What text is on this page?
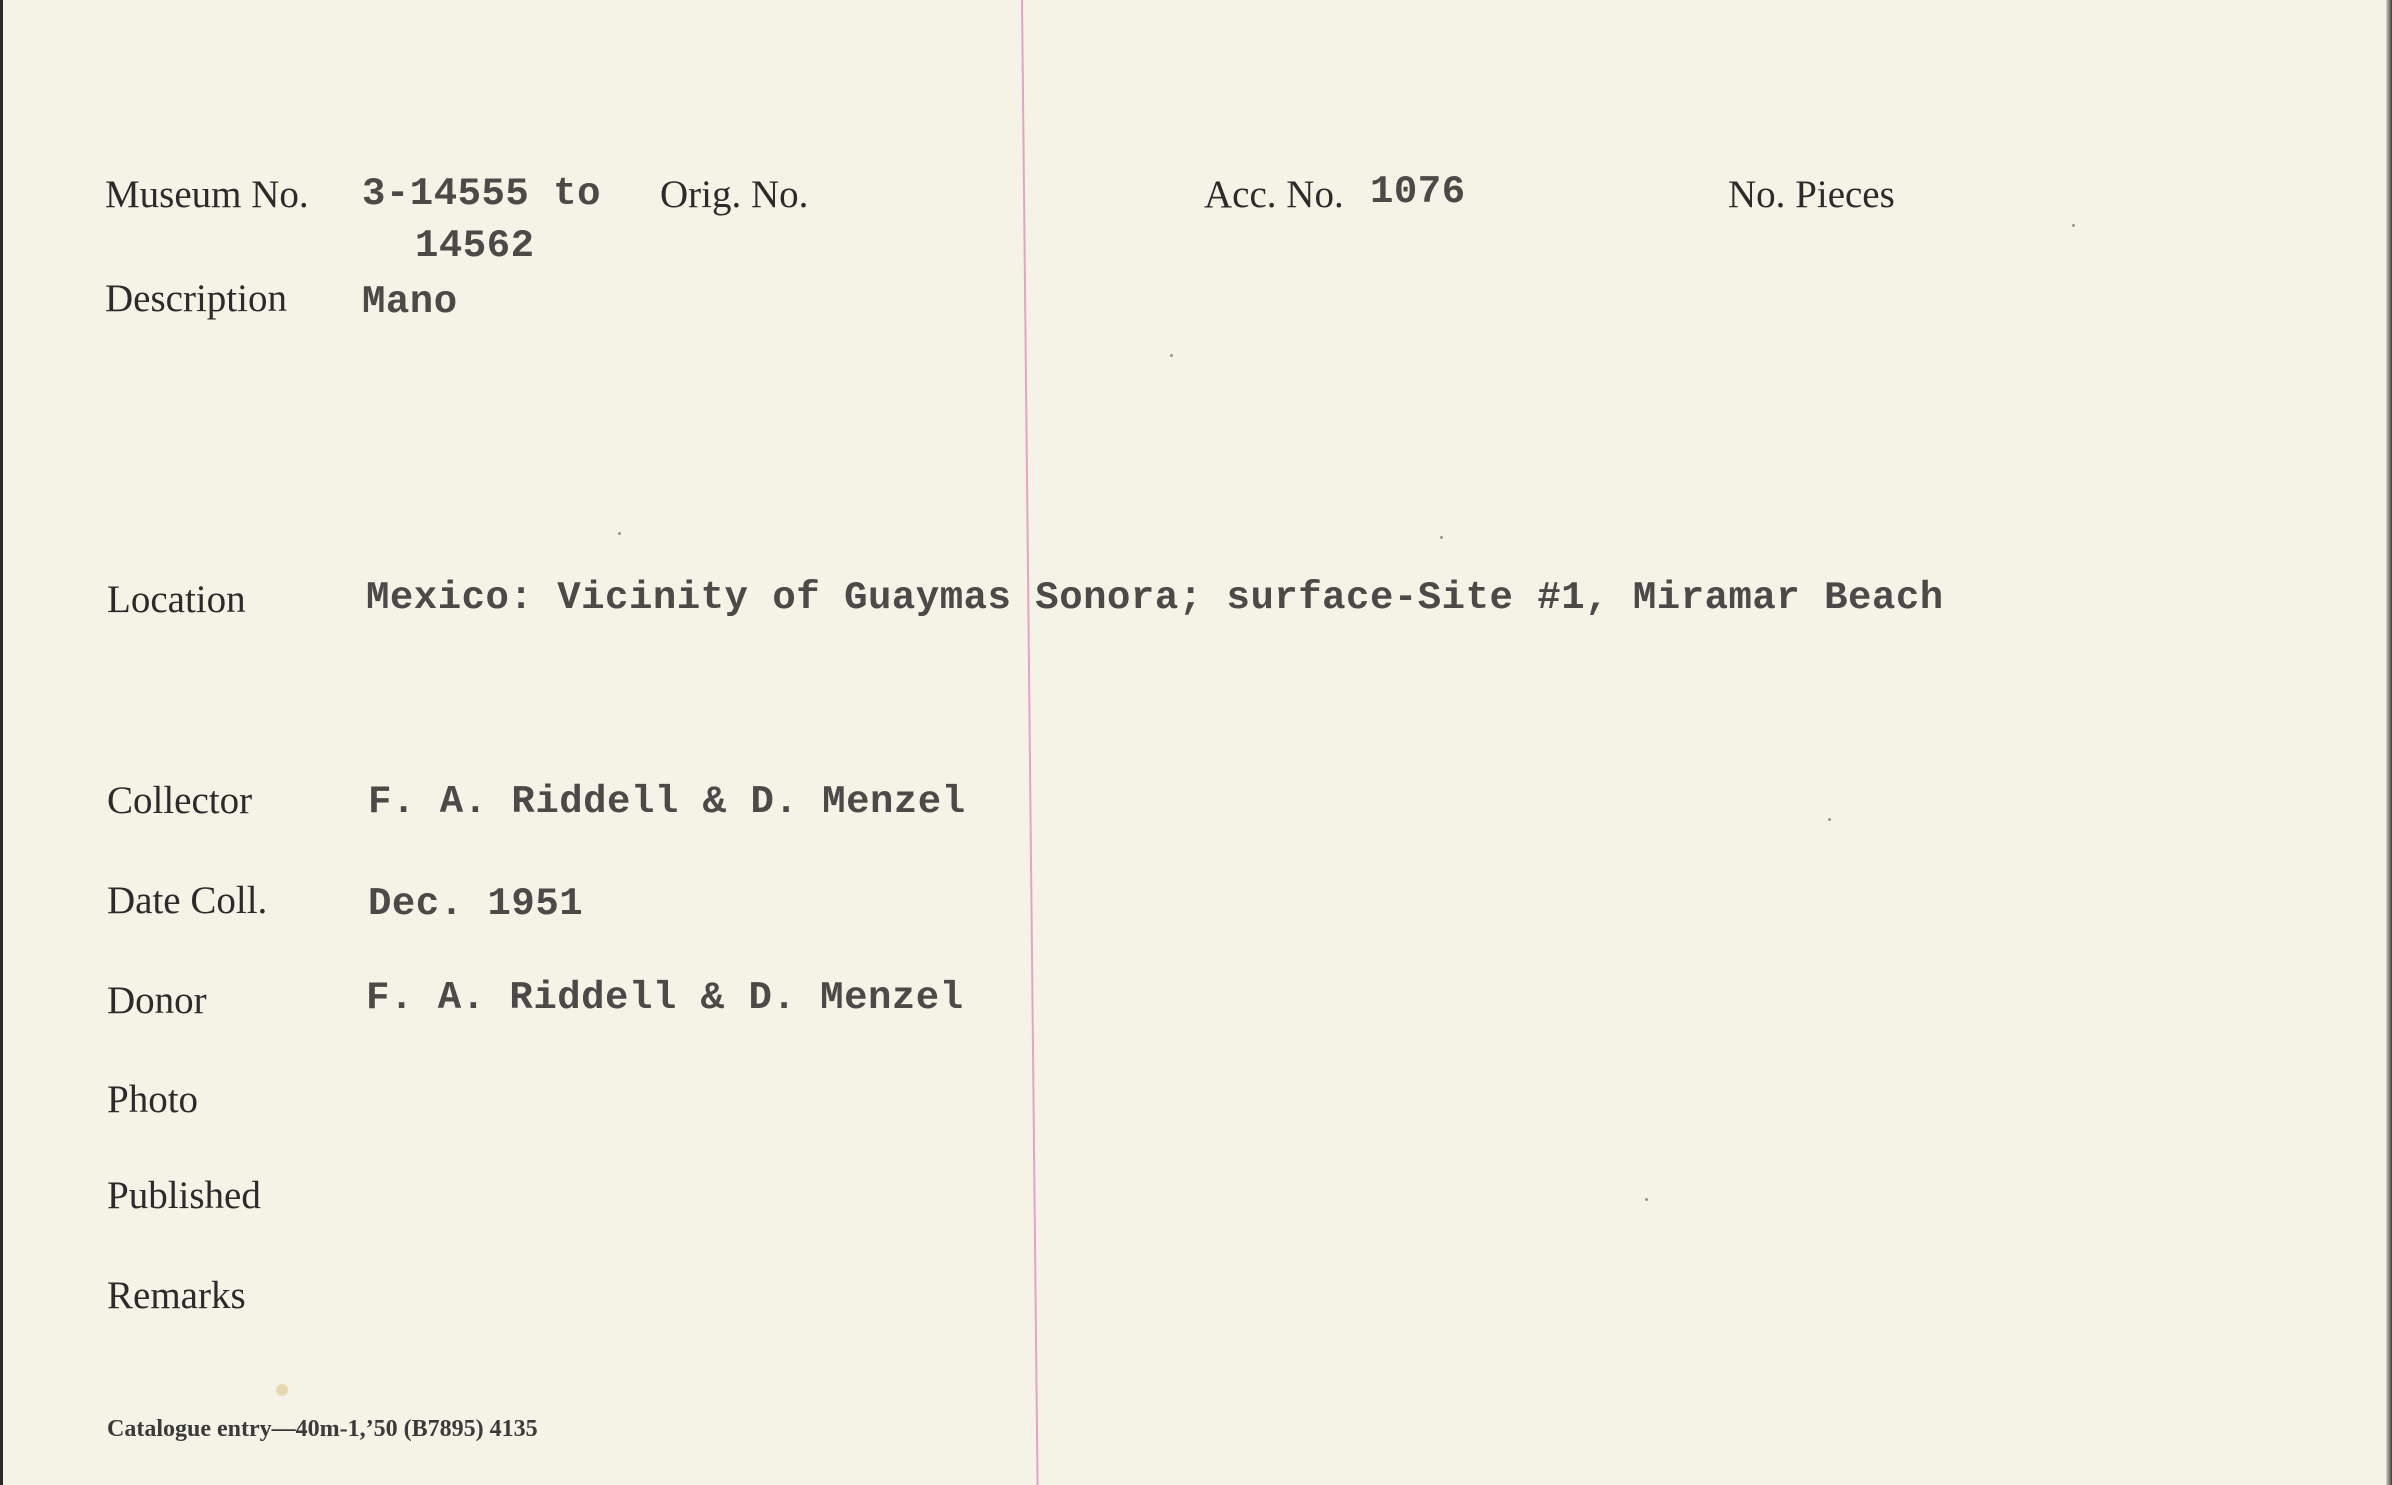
Museum No. 3-14555 to
14562
Orig. No.	Acc. No. 1076	No. Pieces
Description Mano
Location	Mexico: Vicinity of Guaymas Sonora; surface-Site #1, Miramar Beach
Collector	F. A. Riddell & D. Menzel
Date Coll.	Dec. 1951
Donor	F. A. Riddell & D. Menzel
Photo
Published
Remarks
Catalogue entry—40m-1,’50 (B7895) 4135
